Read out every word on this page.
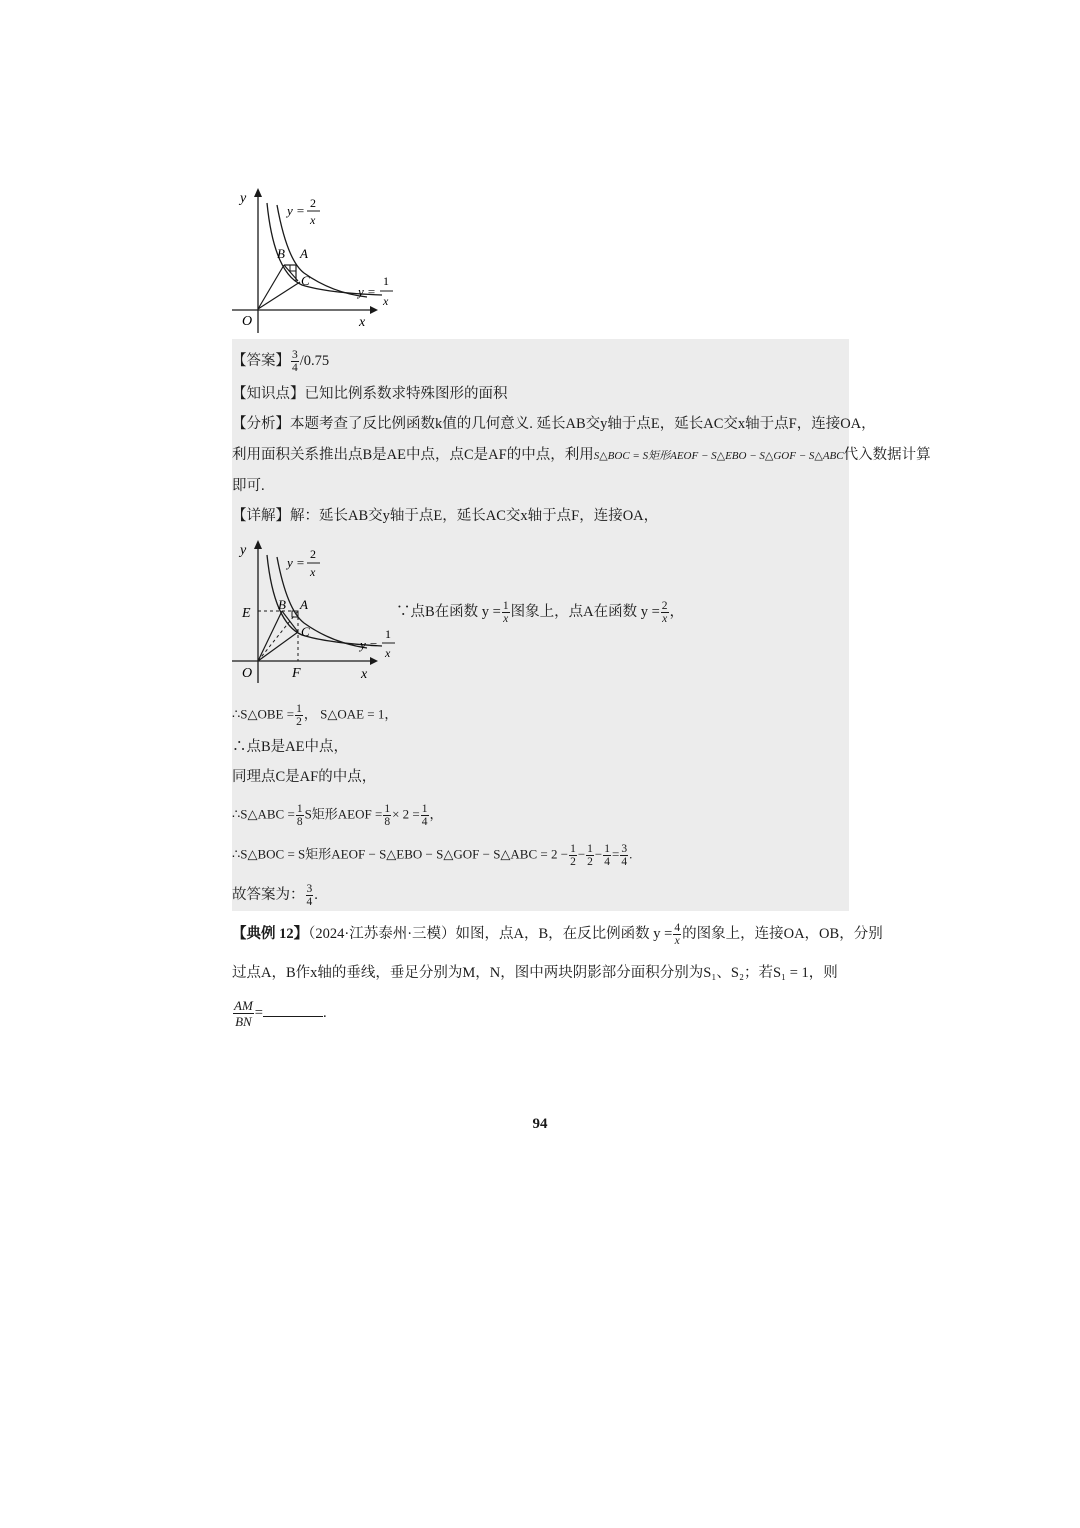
y
x
O
B A
C
y = 2
x
y =
1
x
【答案】 $\frac{3}{4} /0.75$
【知识点】已知比例系数求特殊图形的面积
【分析】本题考查了反比例函数k值的几何意义. 延长AB交y轴于点E，延长AC交x轴于点F，连接OA，
利用面积关系推出点B是AE中点，点C是AF的中点，利用S△BOC = S矩形AEOF − S△EBO − S△GOF − S△ABC代入数据计算
即可.
【详解】解：延长AB交y轴于点E，延长AC交x轴于点F，连接OA，
y
x
O
E
F
B A
C
y =
2
x
y =
1
x
∵点B在函数 $y = \frac{1}{x}$ 图象上，点A在函数 $y = \frac{2}{x}$ ，
∴S△OBE = $\frac{1}{2}$ ， S△OAE = 1，
∴点B是AE中点，
同理点C是AF的中点，
∴S△ABC = $\frac{1}{8}$ S矩形AEOF = $\frac{1}{8} \times 2 = \frac{1}{4}$ ，
∴S△BOC = S矩形AEOF − S△EBO − S△GOF − S△ABC = $2 - \frac{1}{2} - \frac{1}{2} - \frac{1}{4} = \frac{3}{4}$ .
故答案为： $\frac{3}{4}$ .
【典例 12】（2024·江苏泰州·三模）如图，点A，B，在反比例函数 $y = \frac{4}{x}$ 的图象上，连接OA，OB，分别
过点A，B作x轴的垂线，垂足分别为M，N，图中两块阴影部分面积分别为S₁、S₂；若S₁ = 1，则
$\frac{AM}{BN}$ =	.
94
